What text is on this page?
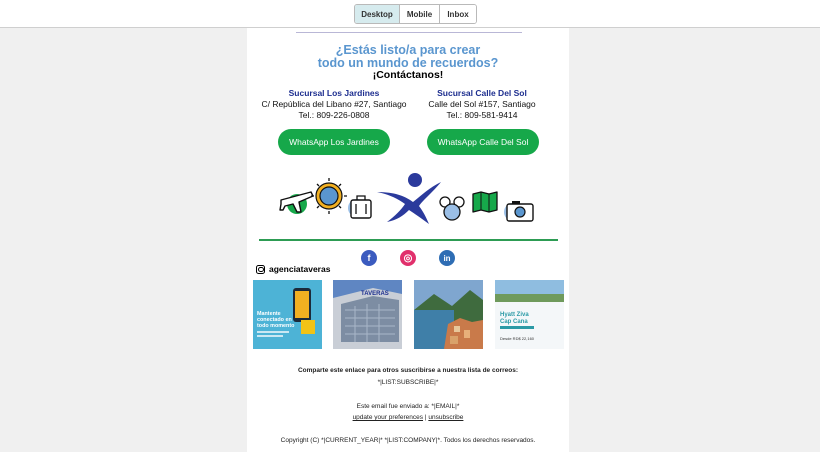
Desktop	Mobile	Inbox
¿Estás listo/a para crear
todo un mundo de recuerdos?
¡Contáctanos!
Sucursal Los Jardines
C/ República del Libano #27, Santiago
Tel.: 809-226-0808
Sucursal Calle Del Sol
Calle del Sol #157, Santiago
Tel.: 809-581-9414
WhatsApp Los Jardines	WhatsApp Calle Del Sol
f	◎	in
agenciataveras
Mantente
conectado en
todo momento
TAVERAS
Hyatt Ziva
Cap Cana
Desde RD$ 22,160
Comparte este enlace para otros suscribirse a nuestra lista de correos:
*|LIST:SUBSCRIBE|*
Este email fue enviado a: *|EMAIL|*
update your preferences | unsubscribe
Copyright (C) *|CURRENT_YEAR|* *|LIST:COMPANY|*. Todos los derechos reservados.
